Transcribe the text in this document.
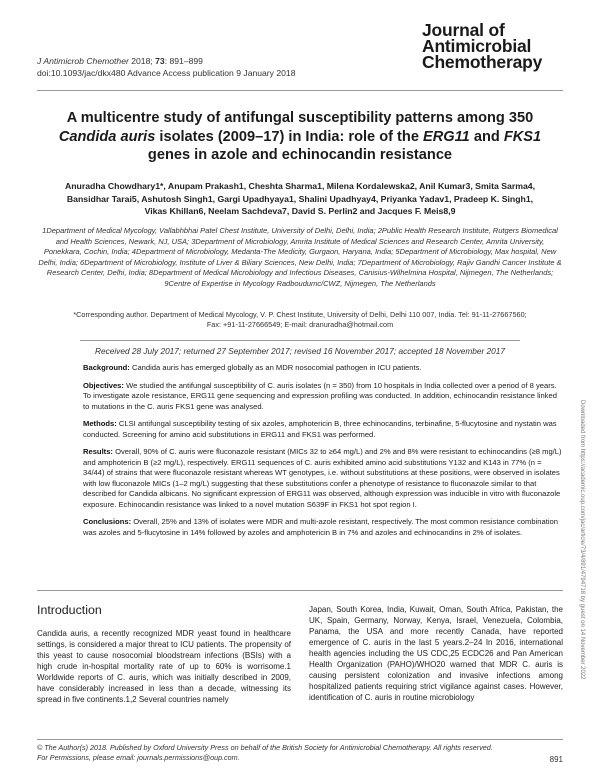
J Antimicrob Chemother 2018; 73: 891–899
doi:10.1093/jac/dkx480 Advance Access publication 9 January 2018
Journal of
Antimicrobial
Chemotherapy
A multicentre study of antifungal susceptibility patterns among 350
Candida auris isolates (2009–17) in India: role of the ERG11 and FKS1
genes in azole and echinocandin resistance
Anuradha Chowdhary1*, Anupam Prakash1, Cheshta Sharma1, Milena Kordalewska2, Anil Kumar3, Smita Sarma4,
Bansidhar Tarai5, Ashutosh Singh1, Gargi Upadhyaya1, Shalini Upadhyay4, Priyanka Yadav1, Pradeep K. Singh1,
Vikas Khillan6, Neelam Sachdeva7, David S. Perlin2 and Jacques F. Meis8,9
1Department of Medical Mycology, Vallabhbhai Patel Chest Institute, University of Delhi, Delhi, India; 2Public Health Research Institute, Rutgers Biomedical and Health Sciences, Newark, NJ, USA; 3Department of Microbiology, Amrita Institute of Medical Sciences and Research Center, Amrita University, Ponekkara, Cochin, India; 4Department of Microbiology, Medanta-The Medicity, Gurgaon, Haryana, India; 5Department of Microbiology, Max hospital, New Delhi, India; 6Department of Microbiology, Institute of Liver & Biliary Sciences, New Delhi, India; 7Department of Microbiology, Rajiv Gandhi Cancer Institute & Research Center, Delhi, India; 8Department of Medical Microbiology and Infectious Diseases, Canisius-Wilhelmina Hospital, Nijmegen, The Netherlands; 9Centre of Expertise in Mycology Radboudumc/CWZ, Nijmegen, The Netherlands
*Corresponding author. Department of Medical Mycology, V. P. Chest Institute, University of Delhi, Delhi 110 007, India. Tel: 91-11-27667560;
Fax: +91-11-27666549; E-mail: dranuradha@hotmail.com
Received 28 July 2017; returned 27 September 2017; revised 16 November 2017; accepted 18 November 2017

Background: Candida auris has emerged globally as an MDR nosocomial pathogen in ICU patients.

Objectives: We studied the antifungal susceptibility of C. auris isolates (n = 350) from 10 hospitals in India collected over a period of 8 years. To investigate azole resistance, ERG11 gene sequencing and expression profiling was conducted. In addition, echinocandin resistance linked to mutations in the C. auris FKS1 gene was analysed.

Methods: CLSI antifungal susceptibility testing of six azoles, amphotericin B, three echinocandins, terbinafine, 5-flucytosine and nystatin was conducted. Screening for amino acid substitutions in ERG11 and FKS1 was performed.

Results: Overall, 90% of C. auris were fluconazole resistant (MICs 32 to ≥64 mg/L) and 2% and 8% were resistant to echinocandins (≥8 mg/L) and amphotericin B (≥2 mg/L), respectively. ERG11 sequences of C. auris exhibited amino acid substitutions Y132 and K143 in 77% (n = 34/44) of strains that were fluconazole resistant whereas WT genotypes, i.e. without substitutions at these positions, were observed in isolates with low fluconazole MICs (1–2 mg/L) suggesting that these substitutions confer a phenotype of resistance to fluconazole similar to that described for Candida albicans. No significant expression of ERG11 was observed, although expression was inducible in vitro with fluconazole exposure. Echinocandin resistance was linked to a novel mutation S639F in FKS1 hot spot region I.

Conclusions: Overall, 25% and 13% of isolates were MDR and multi-azole resistant, respectively. The most common resistance combination was azoles and 5-flucytosine in 14% followed by azoles and amphotericin B in 7% and azoles and echinocandins in 2% of isolates.

Introduction
Candida auris, a recently recognized MDR yeast found in healthcare settings, is considered a major threat to ICU patients. The propensity of this yeast to cause nosocomial bloodstream infections (BSIs) with a high crude in-hospital mortality rate of up to 60% is worrisome.1 Worldwide reports of C. auris, which was initially described in 2009, have considerably increased in less than a decade, witnessing its spread in five continents.1,2 Several countries namely
Japan, South Korea, India, Kuwait, Oman, South Africa, Pakistan, the UK, Spain, Germany, Norway, Kenya, Israel, Venezuela, Colombia, Panama, the USA and more recently Canada, have reported emergence of C. auris in the last 5 years.2–24 In 2016, international health agencies including the US CDC,25 ECDC26 and Pan American Health Organization (PAHO)/WHO20 warned that MDR C. auris is causing persistent colonization and invasive infections among hospitalized patients requiring strict vigilance against cases. However, identification of C. auris in routine microbiology
© The Author(s) 2018. Published by Oxford University Press on behalf of the British Society for Antimicrobial Chemotherapy. All rights reserved.
For Permissions, please email: journals.permissions@oup.com.	891
Downloaded from https://academic.oup.com/jac/article/73/4/891/4794718 by guest on 14 November 2022
